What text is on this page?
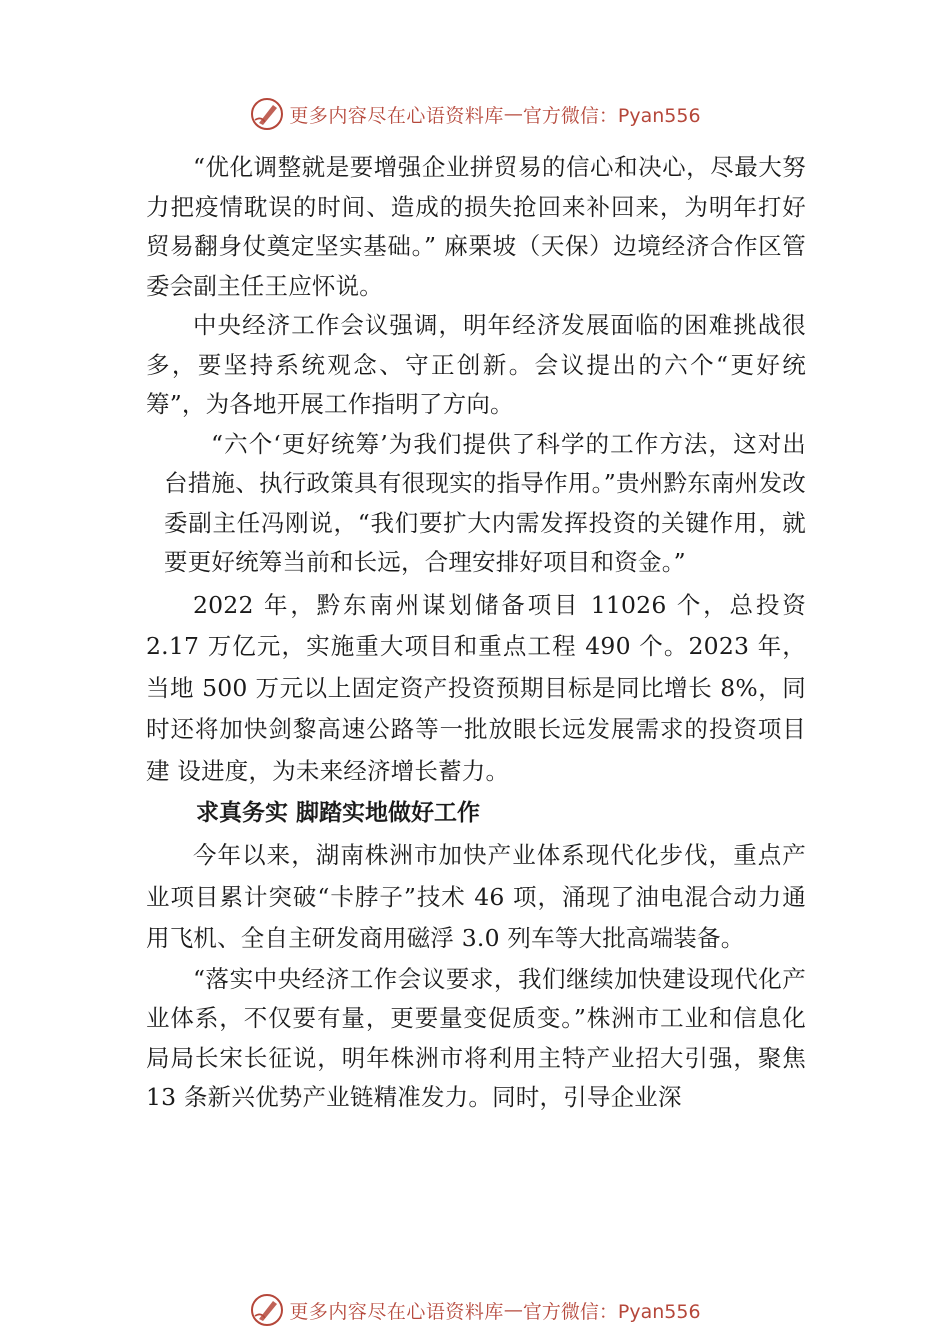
更多内容尽在心语资料库 — 官方微信：Pyan556

“优化调整就是要增强企业拼贸易的信心和决心，尽最大努力把疫情耽误的时间、造成的损失抢回来补回来，为明年打好贸易翻身仗奠定坚实基础。” 麻栗坡（天保）边境经济合作区管委会副主任王应怀说。

中央经济工作会议强调，明年经济发展面临的困难挑战很多，要坚持系统观念、守正创新。会议提出的六个“更好统筹”，为各地开展工作指明了方向。

“六个‘更好统筹’为我们提供了科学的工作方法，这对出台措施、执行政策具有很现实的指导作用。”贵州黔东南州发改委副主任冯刚说，“我们要扩大内需发挥投资的关键作用，就要更好统筹当前和长远，合理安排好项目和资金。”

2022 年，黔东南州谋划储备项目 11026 个，总投资 2.17 万亿元，实施重大项目和重点工程 490 个。2023 年，当地 500 万元以上固定资产投资预期目标是同比增长 8%，同时还将加快剑黎高速公路等一批放眼长远发展需求的投资项目建 设进度，为未来经济增长蓄力。

求真务实 脚踏实地做好工作

今年以来，湖南株洲市加快产业体系现代化步伐，重点产业项目累计突破“卡脖子”技术 46 项，涌现了油电混合动力通用飞机、全自主研发商用磁浮 3.0 列车等大批高端装备。

“落实中央经济工作会议要求，我们继续加快建设现代化产业体系，不仅要有量，更要量变促质变。”株洲市工业和信息化局局长宋长征说，明年株洲市将利用主特产业招大引强，聚焦 13 条新兴优势产业链精准发力。同时，引导企业深

更多内容尽在心语资料库 — 官方微信：Pyan556
